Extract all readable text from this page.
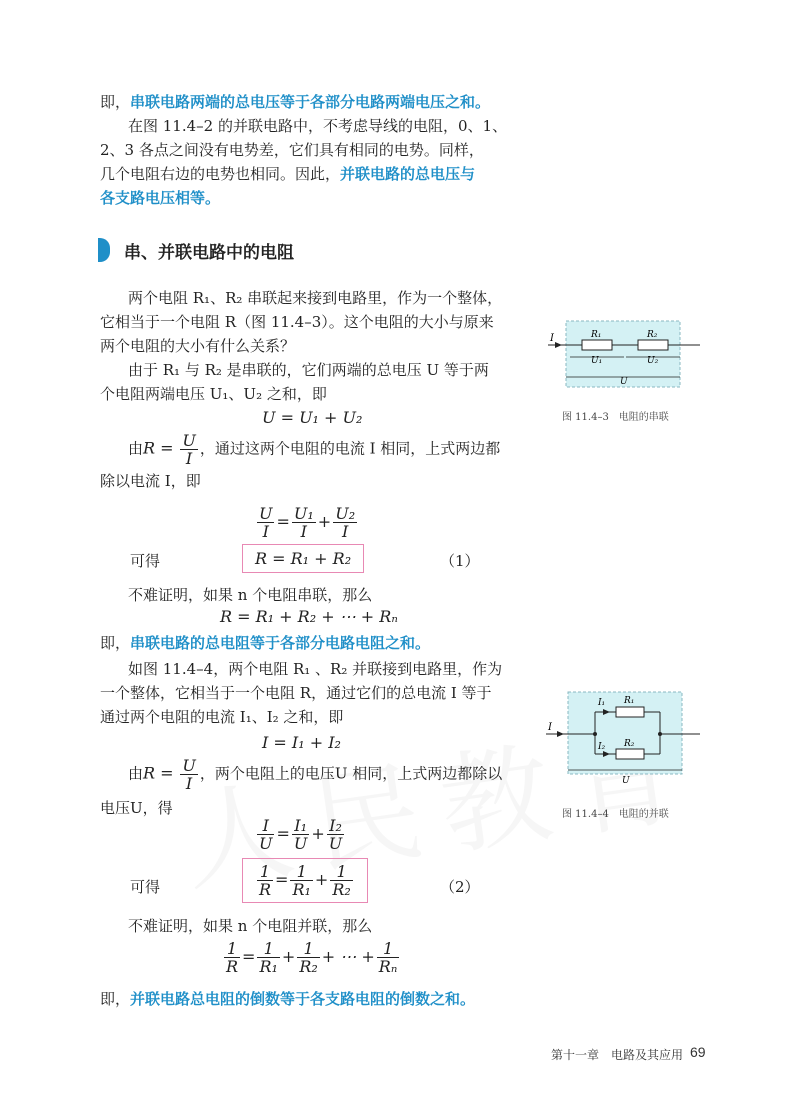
即，串联电路两端的总电压等于各部分电路两端电压之和。
在图 11.4–2 的并联电路中，不考虑导线的电阻，0、1、
2、3 各点之间没有电势差，它们具有相同的电势。同样，
几个电阻右边的电势也相同。因此，并联电路的总电压与
各支路电压相等。
串、并联电路中的电阻
两个电阻 R₁、R₂ 串联起来接到电路里，作为一个整体，
它相当于一个电阻 R（图 11.4–3）。这个电阻的大小与原来
两个电阻的大小有什么关系？
由于 R₁ 与 R₂ 是串联的，它们两端的总电压 U 等于两
个电阻两端电压 U₁、U₂ 之和，即
U = U₁ + U₂
由$R = \frac{U}{I}$ ，通过这两个电阻的电流 I 相同，上式两边都
除以电流 I，即
$\frac{U}{I} = \frac{\text{U₁}}{I} + \frac{\text{U₂}}{I}$
可得	R = R₁ + R₂	（1）
不难证明，如果 n 个电阻串联，那么
R = R₁ + R₂ + ⋯ + Rₙ
即，串联电路的总电阻等于各部分电路电阻之和。
如图 11.4–4，两个电阻 R₁ 、R₂ 并联接到电路里，作为
一个整体，它相当于一个电阻 R，通过它们的总电流 I 等于
通过两个电阻的电流 I₁、I₂ 之和，即
I = I₁ + I₂
由$R = \frac{U}{I}$ ，两个电阻上的电压U 相同，上式两边都除以
电压U，得
$\frac{I}{U} = \frac{\text{I₁}}{U} + \frac{\text{I₂}}{U}$
可得	$\frac{1}{R} = \frac{1}{\text{R₁}} + \frac{1}{\text{R₂}}$	（2）
不难证明，如果 n 个电阻并联，那么
$\frac{1}{R} = \frac{1}{\text{R₁}} + \frac{1}{\text{R₂}}$ + ⋯ + $\frac{1}{\text{Rₙ}}$
即，并联电路总电阻的倒数等于各支路电阻的倒数之和。
I	R₁	R₂
U₁	U₂
U
图 11.4–3　电阻的串联
I
I₁
I₂
R₁
R₂
U
图 11.4–4　电阻的并联
第十一章　电路及其应用 69
